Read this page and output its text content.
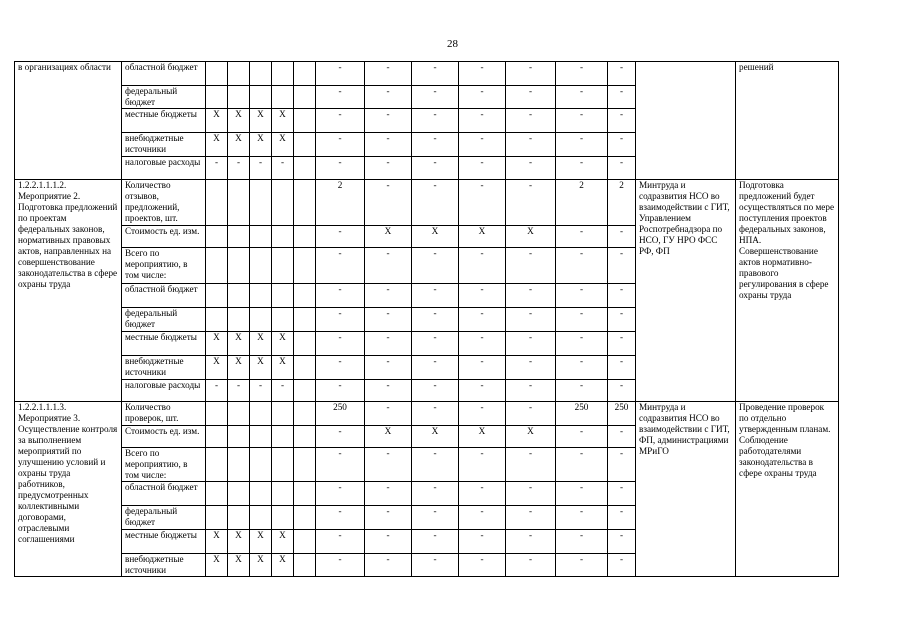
28
в организациях области	областной бюджет						-	-	-	-	-	-	-		решений
	федеральный бюджет						-	-	-	-	-	-	-		
	местные бюджеты	Х	Х	Х	Х		-	-	-	-	-	-	-		
	внебюджетные источники	Х	Х	Х	Х		-	-	-	-	-	-	-		
	налоговые расходы	-	-	-	-		-	-	-	-	-	-	-		
1.2.2.1.1.1.2. Мероприятие 2. Подготовка предложений по проектам федеральных законов, нормативных правовых актов, направленных на совершенствование законодательства в сфере охраны труда	Количество отзывов, предложений, проектов, шт.						2	-	-	-	-	2	2	Минтруда и содразвития НСО во взаимодействии с ГИТ, Управлением Роспотребнадзора по НСО, ГУ НРО ФСС РФ, ФП	Подготовка предложений будет осуществляться по мере поступления проектов федеральных законов, НПА. Совершенствование актов нормативно-правового регулирования в сфере охраны труда
	Стоимость ед. изм.						-	Х	Х	Х	Х	-	-		
	Всего по мероприятию, в том числе:						-	-	-	-	-	-	-		
	областной бюджет						-	-	-	-	-	-	-		
	федеральный бюджет						-	-	-	-	-	-	-		
	местные бюджеты	Х	Х	Х	Х		-	-	-	-	-	-	-		
	внебюджетные источники	Х	Х	Х	Х		-	-	-	-	-	-	-		
	налоговые расходы	-	-	-	-		-	-	-	-	-	-	-		
1.2.2.1.1.1.3. Мероприятие 3. Осуществление контроля за выполнением мероприятий по улучшению условий и охраны труда работников, предусмотренных коллективными договорами, отраслевыми соглашениями	Количество проверок, шт.						250	-	-	-	-	250	250	Минтруда и содразвития НСО во взаимодействии с ГИТ, ФП, администрациями МРиГО	Проведение проверок по отдельно утвержденным планам. Соблюдение работодателями законодательства в сфере охраны труда
	Стоимость ед. изм.						-	Х	Х	Х	Х	-	-		
	Всего по мероприятию, в том числе:						-	-	-	-	-	-	-		
	областной бюджет						-	-	-	-	-	-	-		
	федеральный бюджет						-	-	-	-	-	-	-		
	местные бюджеты	Х	Х	Х	Х		-	-	-	-	-	-	-		
	внебюджетные источники	Х	Х	Х	Х		-	-	-	-	-	-	-		
